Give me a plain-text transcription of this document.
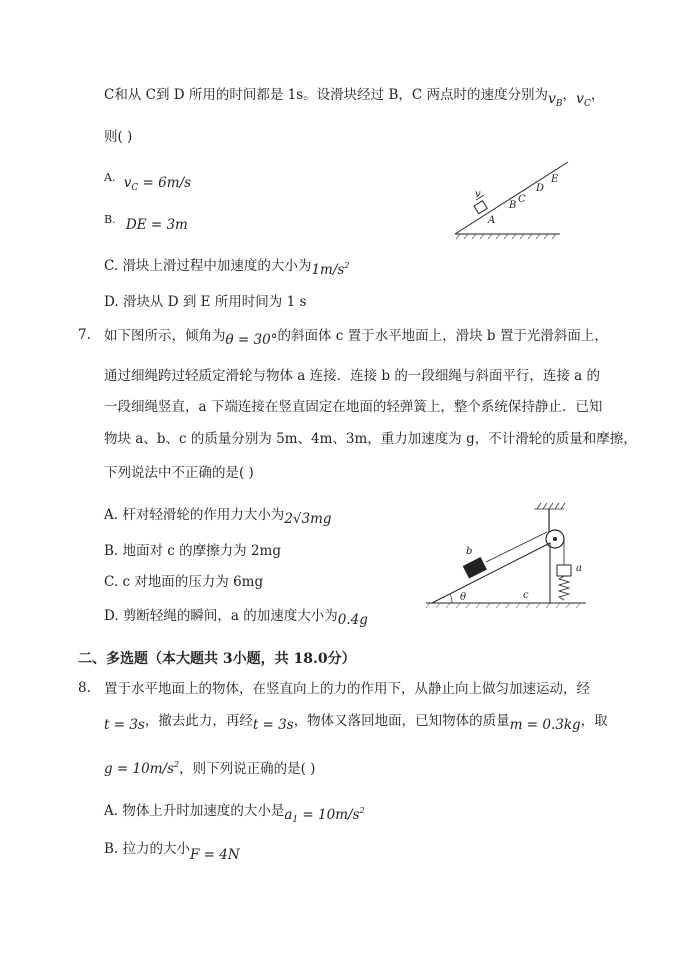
C和从 C到 D 所用的时间都是 1s。设滑块经过 B，C 两点时的速度分别为$v_B$，$v_C$，
则( )
A. $v_C = 6m/s$
B. DE = 3m
C. 滑块上滑过程中加速度的大小为$1m/s^2$
D. 滑块从 D 到 E 所用时间为 1 s
v
A
B
C
D
E
7. 如下图所示，倾角为θ = 30°的斜面体 c 置于水平地面上，滑块 b 置于光滑斜面上，
通过细绳跨过轻质定滑轮与物体 a 连接．连接 b 的一段细绳与斜面平行，连接 a 的
一段细绳竖直，a 下端连接在竖直固定在地面的轻弹簧上，整个系统保持静止．已知
物块 a、b、c 的质量分别为 5m、4m、3m，重力加速度为 g，不计滑轮的质量和摩擦，
下列说法中不正确的是( )
A. 杆对轻滑轮的作用力大小为2√3mg
B. 地面对 c 的摩擦力为 2mg
C. c 对地面的压力为 6mg
D. 剪断轻绳的瞬间，a 的加速度大小为0.4g
θ
b
a
c
二、多选题（本大题共 3小题，共 18.0分）
8. 置于水平地面上的物体，在竖直向上的力的作用下，从静止向上做匀加速运动，经
t = 3s，撤去此力，再经t = 3s，物体又落回地面，已知物体的质量m = 0.3kg，取
$g = 10m/s^2$，则下列说正确的是( )
A. 物体上升时加速度的大小是$a_1 = 10m/s^2$
B. 拉力的大小F = 4N
